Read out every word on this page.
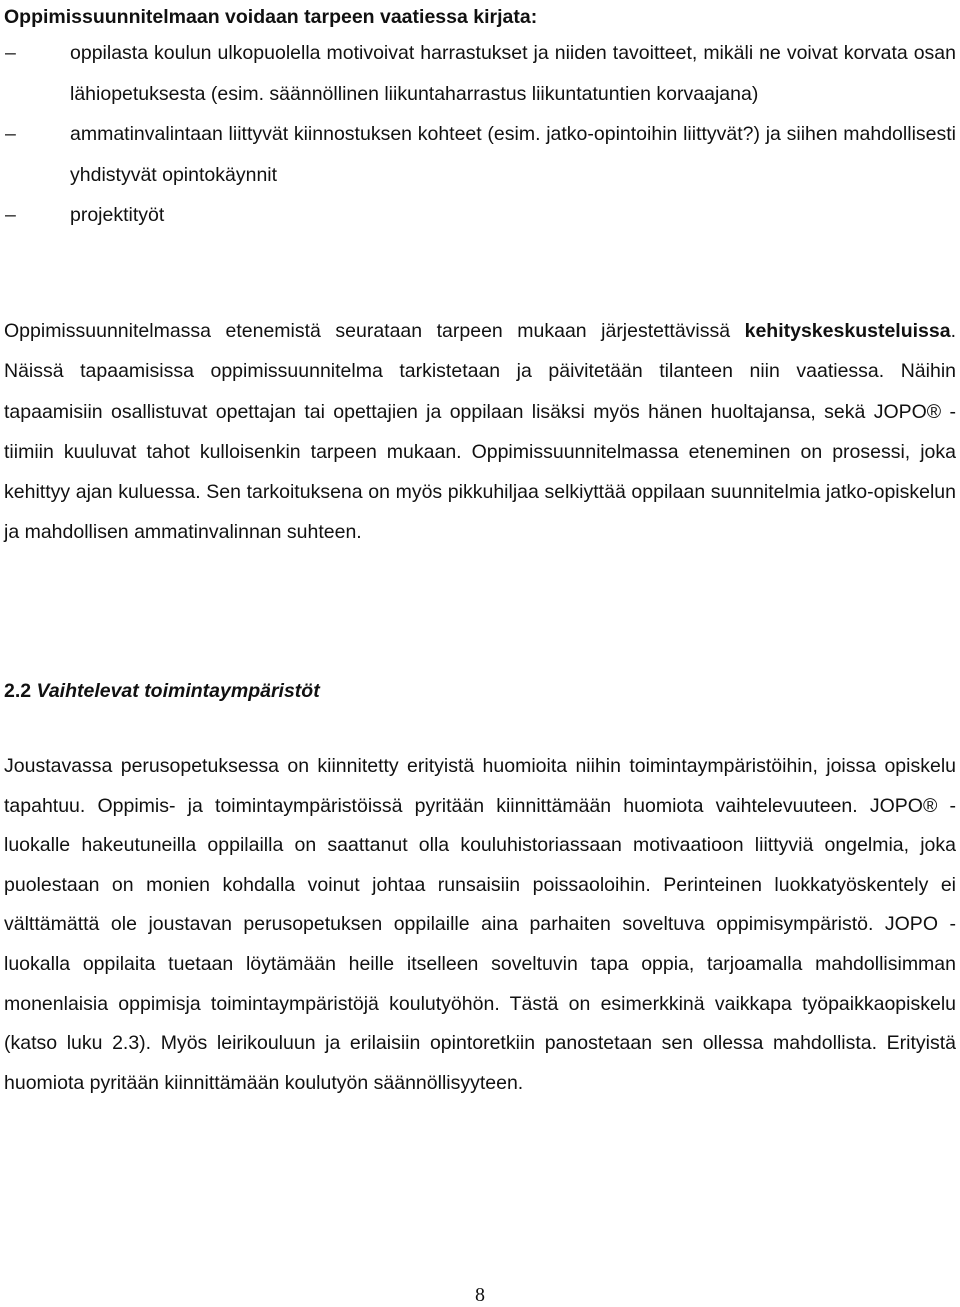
Oppimissuunnitelmaan voidaan tarpeen vaatiessa kirjata:
–	oppilasta koulun ulkopuolella motivoivat harrastukset ja niiden tavoitteet, mikäli ne voivat korvata osan lähiopetuksesta (esim. säännöllinen liikuntaharrastus liikuntatuntien korvaajana)
–	ammatinvalintaan liittyvät kiinnostuksen kohteet (esim. jatko-opintoihin liittyvät?) ja siihen mahdollisesti yhdistyvät opintokäynnit
–	projektityöt

Oppimissuunnitelmassa etenemistä seurataan tarpeen mukaan järjestettävissä kehityskeskusteluissa. Näissä tapaamisissa oppimissuunnitelma tarkistetaan ja päivitetään tilanteen niin vaatiessa. Näihin tapaamisiin osallistuvat opettajan tai opettajien ja oppilaan lisäksi myös hänen huoltajansa, sekä JOPO® -tiimiin kuuluvat tahot kulloisenkin tarpeen mukaan. Oppimissuunnitelmassa eteneminen on prosessi, joka kehittyy ajan kuluessa. Sen tarkoituksena on myös pikkuhiljaa selkiyttää oppilaan suunnitelmia jatko-opiskelun ja mahdollisen ammatinvalinnan suhteen.

2.2 Vaihtelevat toimintaympäristöt

Joustavassa perusopetuksessa on kiinnitetty erityistä huomioita niihin toimintaympäristöihin, joissa opiskelu tapahtuu. Oppimis- ja toimintaympäristöissä pyritään kiinnittämään huomiota vaihtelevuuteen. JOPO® -luokalle hakeutuneilla oppilailla on saattanut olla kouluhistoriassaan motivaatioon liittyviä ongelmia, joka puolestaan on monien kohdalla voinut johtaa runsaisiin poissaoloihin. Perinteinen luokkatyöskentely ei välttämättä ole joustavan perusopetuksen oppilaille aina parhaiten soveltuva oppimisympäristö. JOPO -luokalla oppilaita tuetaan löytämään heille itselleen soveltuvin tapa oppia, tarjoamalla mahdollisimman monenlaisia oppimisja toimintaympäristöjä koulutyöhön. Tästä on esimerkkinä vaikkapa työpaikkaopiskelu (katso luku 2.3). Myös leirikouluun ja erilaisiin opintoretkiin panostetaan sen ollessa mahdollista. Erityistä huomiota pyritään kiinnittämään koulutyön säännöllisyyteen.

8
